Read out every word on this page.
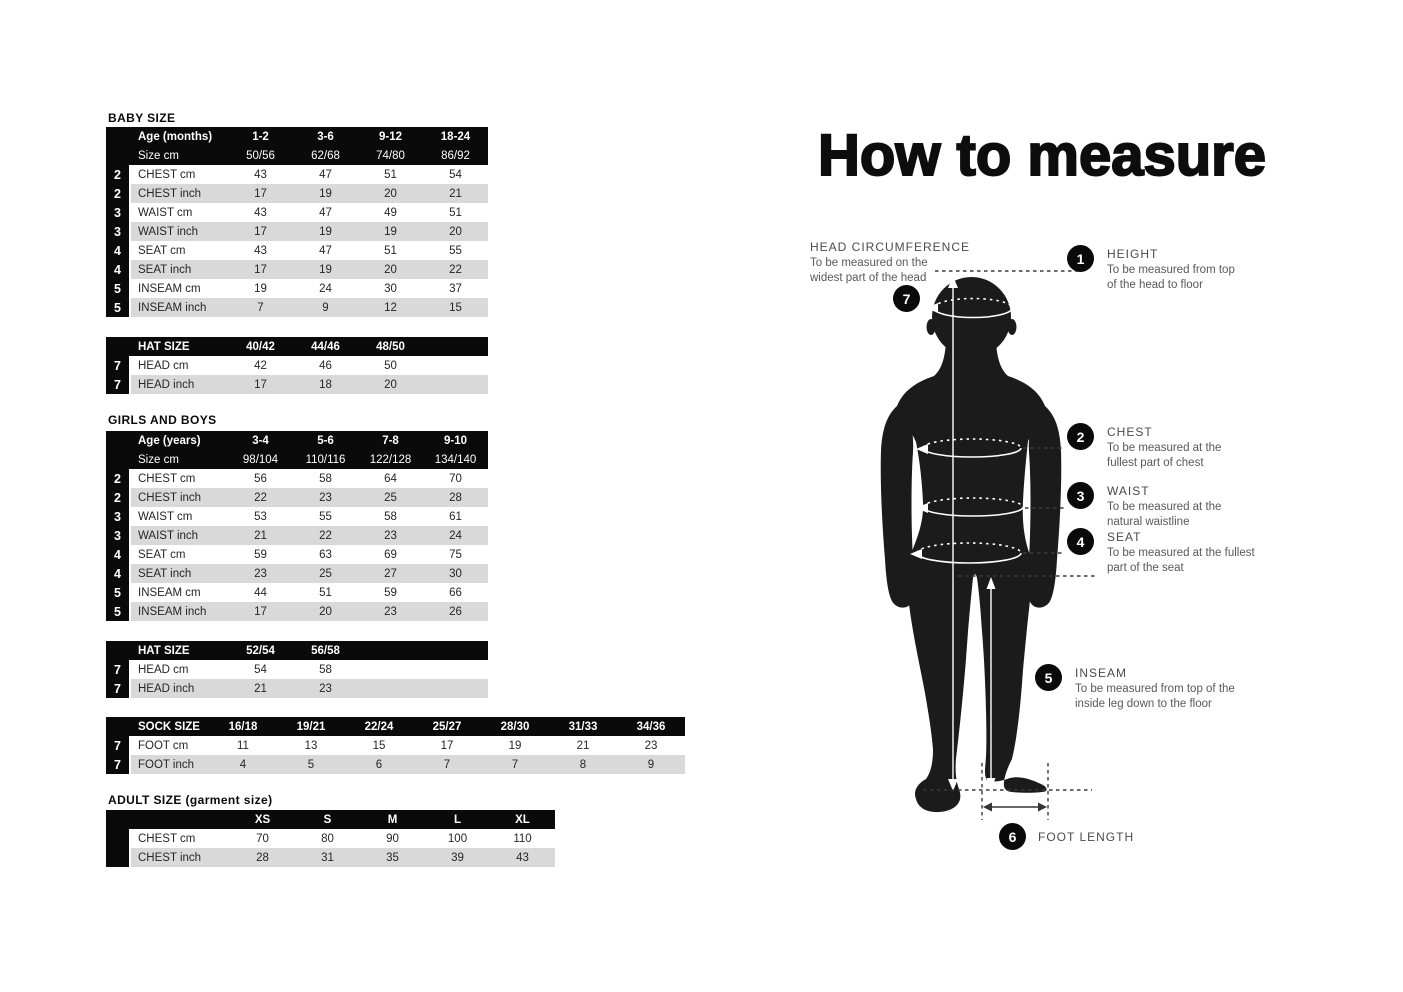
BABY SIZE
	Age (months)	1-2	3-6	9-12	18-24
	Size cm	50/56	62/68	74/80	86/92
2	CHEST cm	43	47	51	54
2	CHEST inch	17	19	20	21
3	WAIST cm	43	47	49	51
3	WAIST inch	17	19	19	20
4	SEAT cm	43	47	51	55
4	SEAT inch	17	19	20	22
5	INSEAM cm	19	24	30	37
5	INSEAM inch	7	9	12	15
	HAT SIZE	40/42	44/46	48/50	
7	HEAD cm	42	46	50	
7	HEAD inch	17	18	20	
GIRLS AND BOYS
	Age (years)	3-4	5-6	7-8	9-10
	Size cm	98/104	110/116	122/128	134/140
2	CHEST cm	56	58	64	70
2	CHEST inch	22	23	25	28
3	WAIST cm	53	55	58	61
3	WAIST inch	21	22	23	24
4	SEAT cm	59	63	69	75
4	SEAT inch	23	25	27	30
5	INSEAM cm	44	51	59	66
5	INSEAM inch	17	20	23	26
	HAT SIZE	52/54	56/58		
7	HEAD cm	54	58		
7	HEAD inch	21	23		
	SOCK SIZE	16/18	19/21	22/24	25/27	28/30	31/33	34/36
7	FOOT cm	11	13	15	17	19	21	23
7	FOOT inch	4	5	6	7	7	8	9
ADULT SIZE (garment size)
		XS	S	M	L	XL
	CHEST cm	70	80	90	100	110
	CHEST inch	28	31	35	39	43
How to measure
1
2
3
4
5
6
7
HEAD CIRCUMFERENCE
To be measured on the
widest part of the head
HEIGHT
To be measured from top
of the head to floor
CHEST
To be measured at the
fullest part of chest
WAIST
To be measured at the
natural waistline
SEAT
To be measured at the fullest
part of the seat
INSEAM
To be measured from top of the
inside leg down to the floor
FOOT LENGTH
